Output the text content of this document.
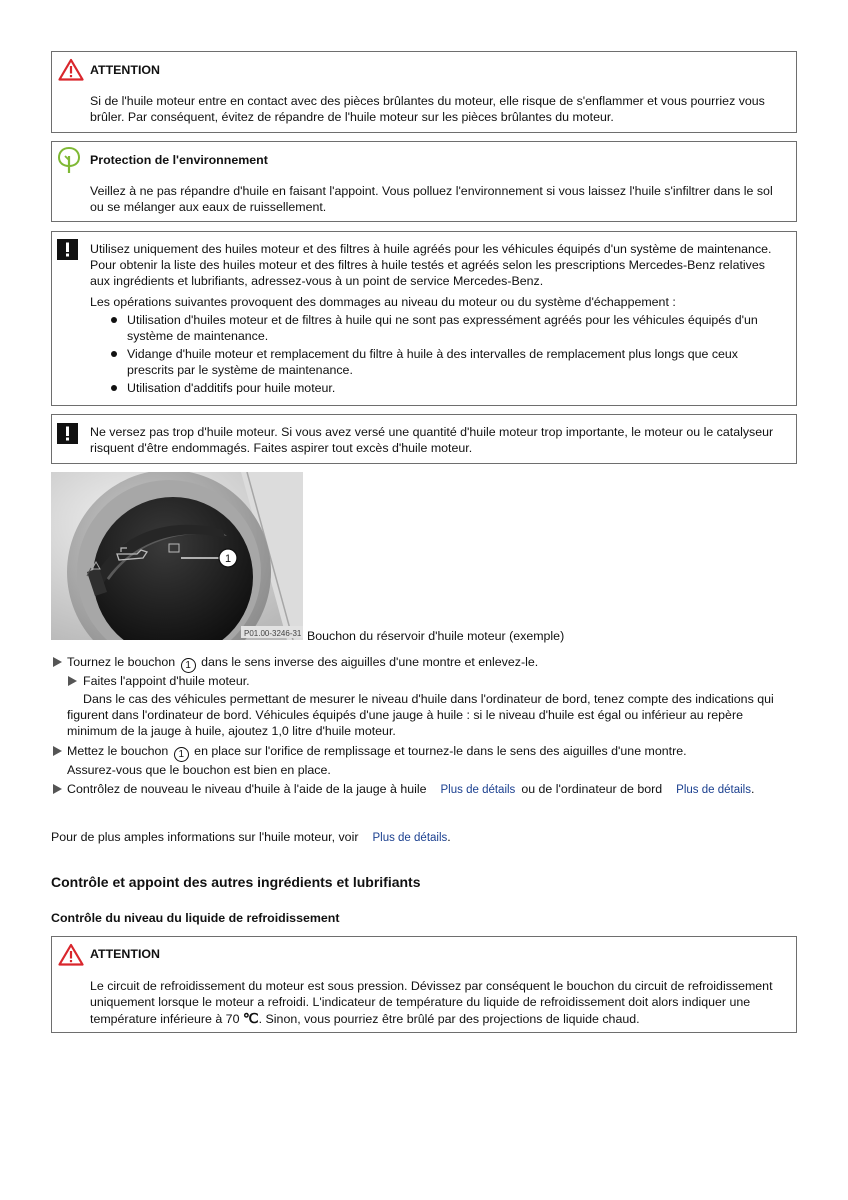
ATTENTION
Si de l'huile moteur entre en contact avec des pièces brûlantes du moteur, elle risque de s'enflammer et vous pourriez vous brûler. Par conséquent, évitez de répandre de l'huile moteur sur les pièces brûlantes du moteur.
Protection de l'environnement
Veillez à ne pas répandre d'huile en faisant l'appoint. Vous polluez l'environnement si vous laissez l'huile s'infiltrer dans le sol ou se mélanger aux eaux de ruissellement.
Utilisez uniquement des huiles moteur et des filtres à huile agréés pour les véhicules équipés d'un système de maintenance. Pour obtenir la liste des huiles moteur et des filtres à huile testés et agréés selon les prescriptions Mercedes-Benz relatives aux ingrédients et lubrifiants, adressez-vous à un point de service Mercedes-Benz.
Les opérations suivantes provoquent des dommages au niveau du moteur ou du système d'échappement :
Utilisation d'huiles moteur et de filtres à huile qui ne sont pas expressément agréés pour les véhicules équipés d'un système de maintenance.
Vidange d'huile moteur et remplacement du filtre à huile à des intervalles de remplacement plus longs que ceux prescrits par le système de maintenance.
Utilisation d'additifs pour huile moteur.
Ne versez pas trop d'huile moteur. Si vous avez versé une quantité d'huile moteur trop importante, le moteur ou le catalyseur risquent d'être endommagés. Faites aspirer tout excès d'huile moteur.
1
P01.00-3246-31 Bouchon du réservoir d'huile moteur (exemple)
Tournez le bouchon 1 dans le sens inverse des aiguilles d'une montre et enlevez-le.
Faites l'appoint d'huile moteur.
Dans le cas des véhicules permettant de mesurer le niveau d'huile dans l'ordinateur de bord, tenez compte des indications qui figurent dans l'ordinateur de bord. Véhicules équipés d'une jauge à huile : si le niveau d'huile est égal ou inférieur au repère minimum de la jauge à huile, ajoutez 1,0 litre d'huile moteur.
Mettez le bouchon 1 en place sur l'orifice de remplissage et tournez-le dans le sens des aiguilles d'une montre.
Assurez-vous que le bouchon est bien en place.
Contrôlez de nouveau le niveau d'huile à l'aide de la jauge à huile Plus de détails ou de l'ordinateur de bord Plus de détails.
Pour de plus amples informations sur l'huile moteur, voir Plus de détails.
Contrôle et appoint des autres ingrédients et lubrifiants
Contrôle du niveau du liquide de refroidissement
ATTENTION
Le circuit de refroidissement du moteur est sous pression. Dévissez par conséquent le bouchon du circuit de refroidissement uniquement lorsque le moteur a refroidi. L'indicateur de température du liquide de refroidissement doit alors indiquer une température inférieure à 70 ℃. Sinon, vous pourriez être brûlé par des projections de liquide chaud.
